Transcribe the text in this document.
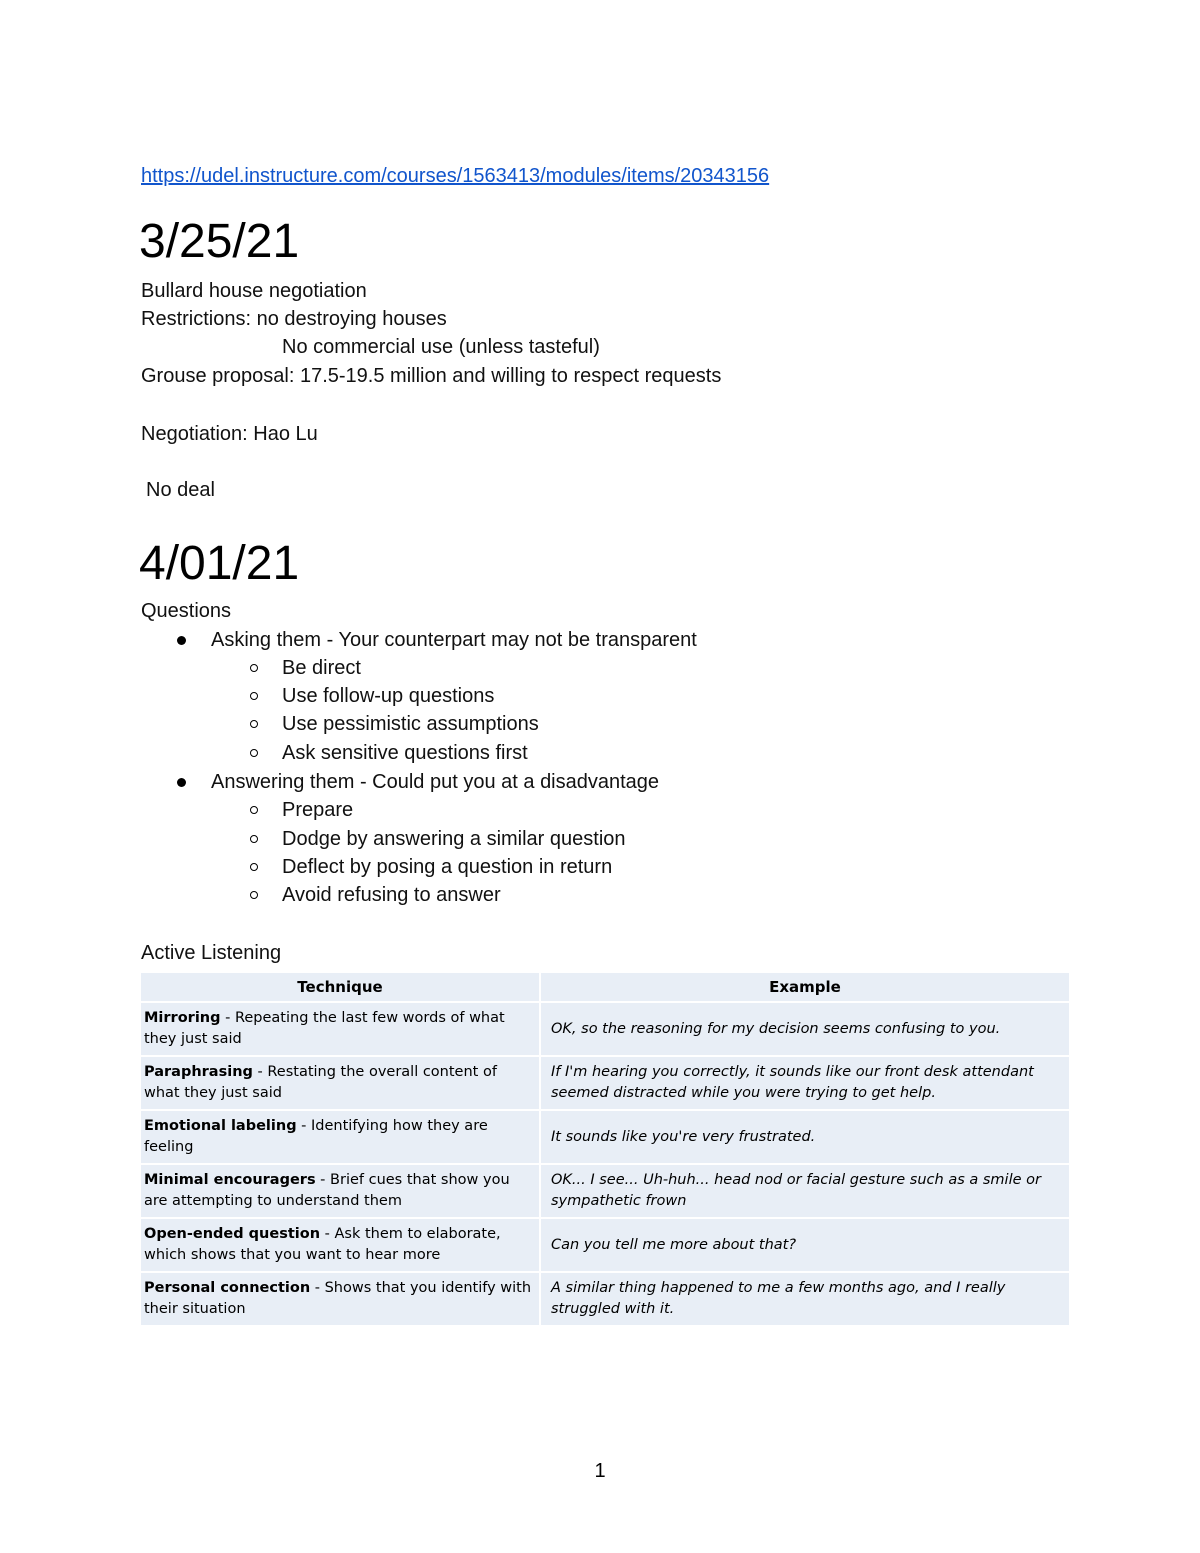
https://udel.instructure.com/courses/1563413/modules/items/20343156
3/25/21
Bullard house negotiation
Restrictions: no destroying houses
No commercial use (unless tasteful)
Grouse proposal: 17.5-19.5 million and willing to respect requests
Negotiation: Hao Lu
No deal
4/01/21
Questions
Asking them - Your counterpart may not be transparent
Be direct
Use follow-up questions
Use pessimistic assumptions
Ask sensitive questions first
Answering them - Could put you at a disadvantage
Prepare
Dodge by answering a similar question
Deflect by posing a question in return
Avoid refusing to answer
Active Listening
Technique	Example
Mirroring - Repeating the last few words of what they just said	OK, so the reasoning for my decision seems confusing to you.
Paraphrasing - Restating the overall content of what they just said	If I'm hearing you correctly, it sounds like our front desk attendant seemed distracted while you were trying to get help.
Emotional labeling - Identifying how they are feeling	It sounds like you're very frustrated.
Minimal encouragers - Brief cues that show you are attempting to understand them	OK... I see... Uh-huh... head nod or facial gesture such as a smile or sympathetic frown
Open-ended question - Ask them to elaborate, which shows that you want to hear more	Can you tell me more about that?
Personal connection - Shows that you identify with their situation	A similar thing happened to me a few months ago, and I really struggled with it.
1
